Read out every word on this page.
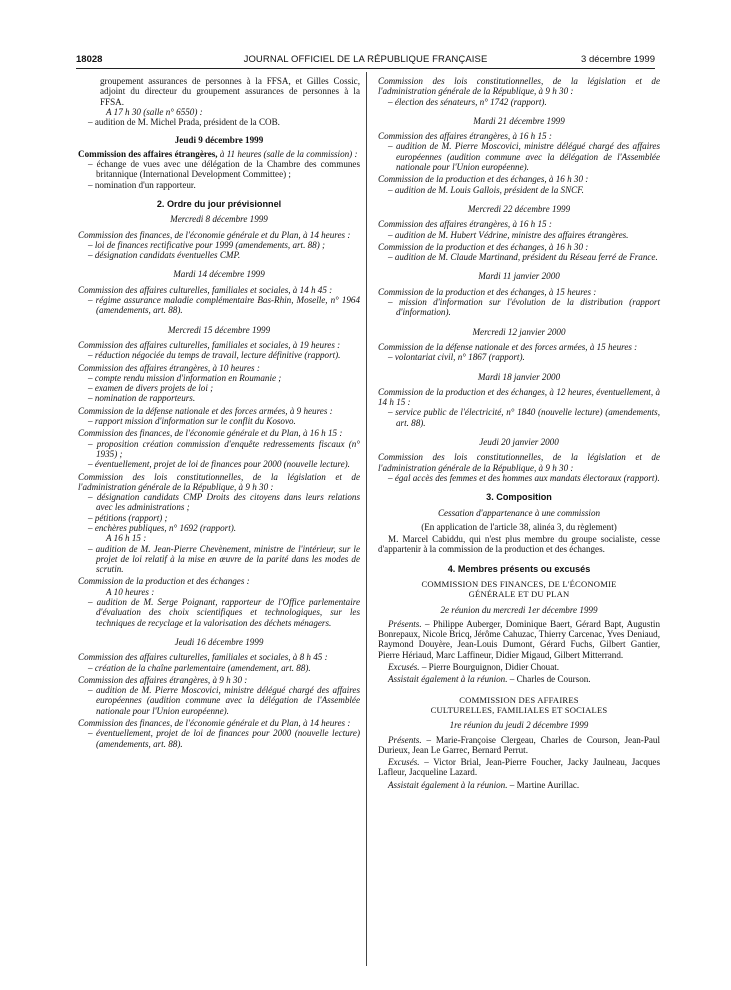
18028	JOURNAL OFFICIEL DE LA RÉPUBLIQUE FRANÇAISE	3 décembre 1999

groupement assurances de personnes à la FFSA, et Gilles Cossic, adjoint du directeur du groupement assurances de personnes à la FFSA.

A 17 h 30 (salle n° 6550) :

– audition de M. Michel Prada, président de la COB.

Jeudi 9 décembre 1999

Commission des affaires étrangères, à 11 heures (salle de la commission) :

– échange de vues avec une délégation de la Chambre des communes britannique (International Development Committee) ;

– nomination d'un rapporteur.

2. Ordre du jour prévisionnel

Mercredi 8 décembre 1999

Commission des finances, de l'économie générale et du Plan, à 14 heures :

– loi de finances rectificative pour 1999 (amendements, art. 88) ;

– désignation candidats éventuelles CMP.

Mardi 14 décembre 1999

Commission des affaires culturelles, familiales et sociales, à 14 h 45 :

– régime assurance maladie complémentaire Bas-Rhin, Moselle, n° 1964 (amendements, art. 88).

Mercredi 15 décembre 1999

Commission des affaires culturelles, familiales et sociales, à 19 heures :

– réduction négociée du temps de travail, lecture définitive (rapport).

Commission des affaires étrangères, à 10 heures :

– compte rendu mission d'information en Roumanie ;

– examen de divers projets de loi ;

– nomination de rapporteurs.

Commission de la défense nationale et des forces armées, à 9 heures :

– rapport mission d'information sur le conflit du Kosovo.

Commission des finances, de l'économie générale et du Plan, à 16 h 15 :

– proposition création commission d'enquête redressements fiscaux (n° 1935) ;

– éventuellement, projet de loi de finances pour 2000 (nouvelle lecture).

Commission des lois constitutionnelles, de la législation et de l'administration générale de la République, à 9 h 30 :

– désignation candidats CMP Droits des citoyens dans leurs relations avec les administrations ;

– pétitions (rapport) ;

– enchères publiques, n° 1692 (rapport).

A 16 h 15 :

– audition de M. Jean-Pierre Chevènement, ministre de l'intérieur, sur le projet de loi relatif à la mise en œuvre de la parité dans les modes de scrutin.

Commission de la production et des échanges :

A 10 heures :

– audition de M. Serge Poignant, rapporteur de l'Office parlementaire d'évaluation des choix scientifiques et technologiques, sur les techniques de recyclage et la valorisation des déchets ménagers.

Jeudi 16 décembre 1999

Commission des affaires culturelles, familiales et sociales, à 8 h 45 :

– création de la chaîne parlementaire (amendement, art. 88).

Commission des affaires étrangères, à 9 h 30 :

– audition de M. Pierre Moscovici, ministre délégué chargé des affaires européennes (audition commune avec la délégation de l'Assemblée nationale pour l'Union européenne).

Commission des finances, de l'économie générale et du Plan, à 14 heures :

– éventuellement, projet de loi de finances pour 2000 (nouvelle lecture) (amendements, art. 88).

Commission des lois constitutionnelles, de la législation et de l'administration générale de la République, à 9 h 30 :

– élection des sénateurs, n° 1742 (rapport).

Mardi 21 décembre 1999

Commission des affaires étrangères, à 16 h 15 :

– audition de M. Pierre Moscovici, ministre délégué chargé des affaires européennes (audition commune avec la délégation de l'Assemblée nationale pour l'Union européenne).

Commission de la production et des échanges, à 16 h 30 :

– audition de M. Louis Gallois, président de la SNCF.

Mercredi 22 décembre 1999

Commission des affaires étrangères, à 16 h 15 :

– audition de M. Hubert Védrine, ministre des affaires étrangères.

Commission de la production et des échanges, à 16 h 30 :

– audition de M. Claude Martinand, président du Réseau ferré de France.

Mardi 11 janvier 2000

Commission de la production et des échanges, à 15 heures :

– mission d'information sur l'évolution de la distribution (rapport d'information).

Mercredi 12 janvier 2000

Commission de la défense nationale et des forces armées, à 15 heures :

– volontariat civil, n° 1867 (rapport).

Mardi 18 janvier 2000

Commission de la production et des échanges, à 12 heures, éventuellement, à 14 h 15 :

– service public de l'électricité, n° 1840 (nouvelle lecture) (amendements, art. 88).

Jeudi 20 janvier 2000

Commission des lois constitutionnelles, de la législation et de l'administration générale de la République, à 9 h 30 :

– égal accès des femmes et des hommes aux mandats électoraux (rapport).

3. Composition

Cessation d'appartenance à une commission

(En application de l'article 38, alinéa 3, du règlement)

M. Marcel Cabiddu, qui n'est plus membre du groupe socialiste, cesse d'appartenir à la commission de la production et des échanges.

4. Membres présents ou excusés

COMMISSION DES FINANCES, DE L'ÉCONOMIE GÉNÉRALE ET DU PLAN

2e réunion du mercredi 1er décembre 1999

Présents. – Philippe Auberger, Dominique Baert, Gérard Bapt, Augustin Bonrepaux, Nicole Bricq, Jérôme Cahuzac, Thierry Carcenac, Yves Deniaud, Raymond Douyère, Jean-Louis Dumont, Gérard Fuchs, Gilbert Gantier, Pierre Hériaud, Marc Laffineur, Didier Migaud, Gilbert Mitterrand.

Excusés. – Pierre Bourguignon, Didier Chouat.

Assistait également à la réunion. – Charles de Courson.

COMMISSION DES AFFAIRES CULTURELLES, FAMILIALES ET SOCIALES

1re réunion du jeudi 2 décembre 1999

Présents. – Marie-Françoise Clergeau, Charles de Courson, Jean-Paul Durieux, Jean Le Garrec, Bernard Perrut.

Excusés. – Victor Brial, Jean-Pierre Foucher, Jacky Jaulneau, Jacques Lafleur, Jacqueline Lazard.

Assistait également à la réunion. – Martine Aurillac.
